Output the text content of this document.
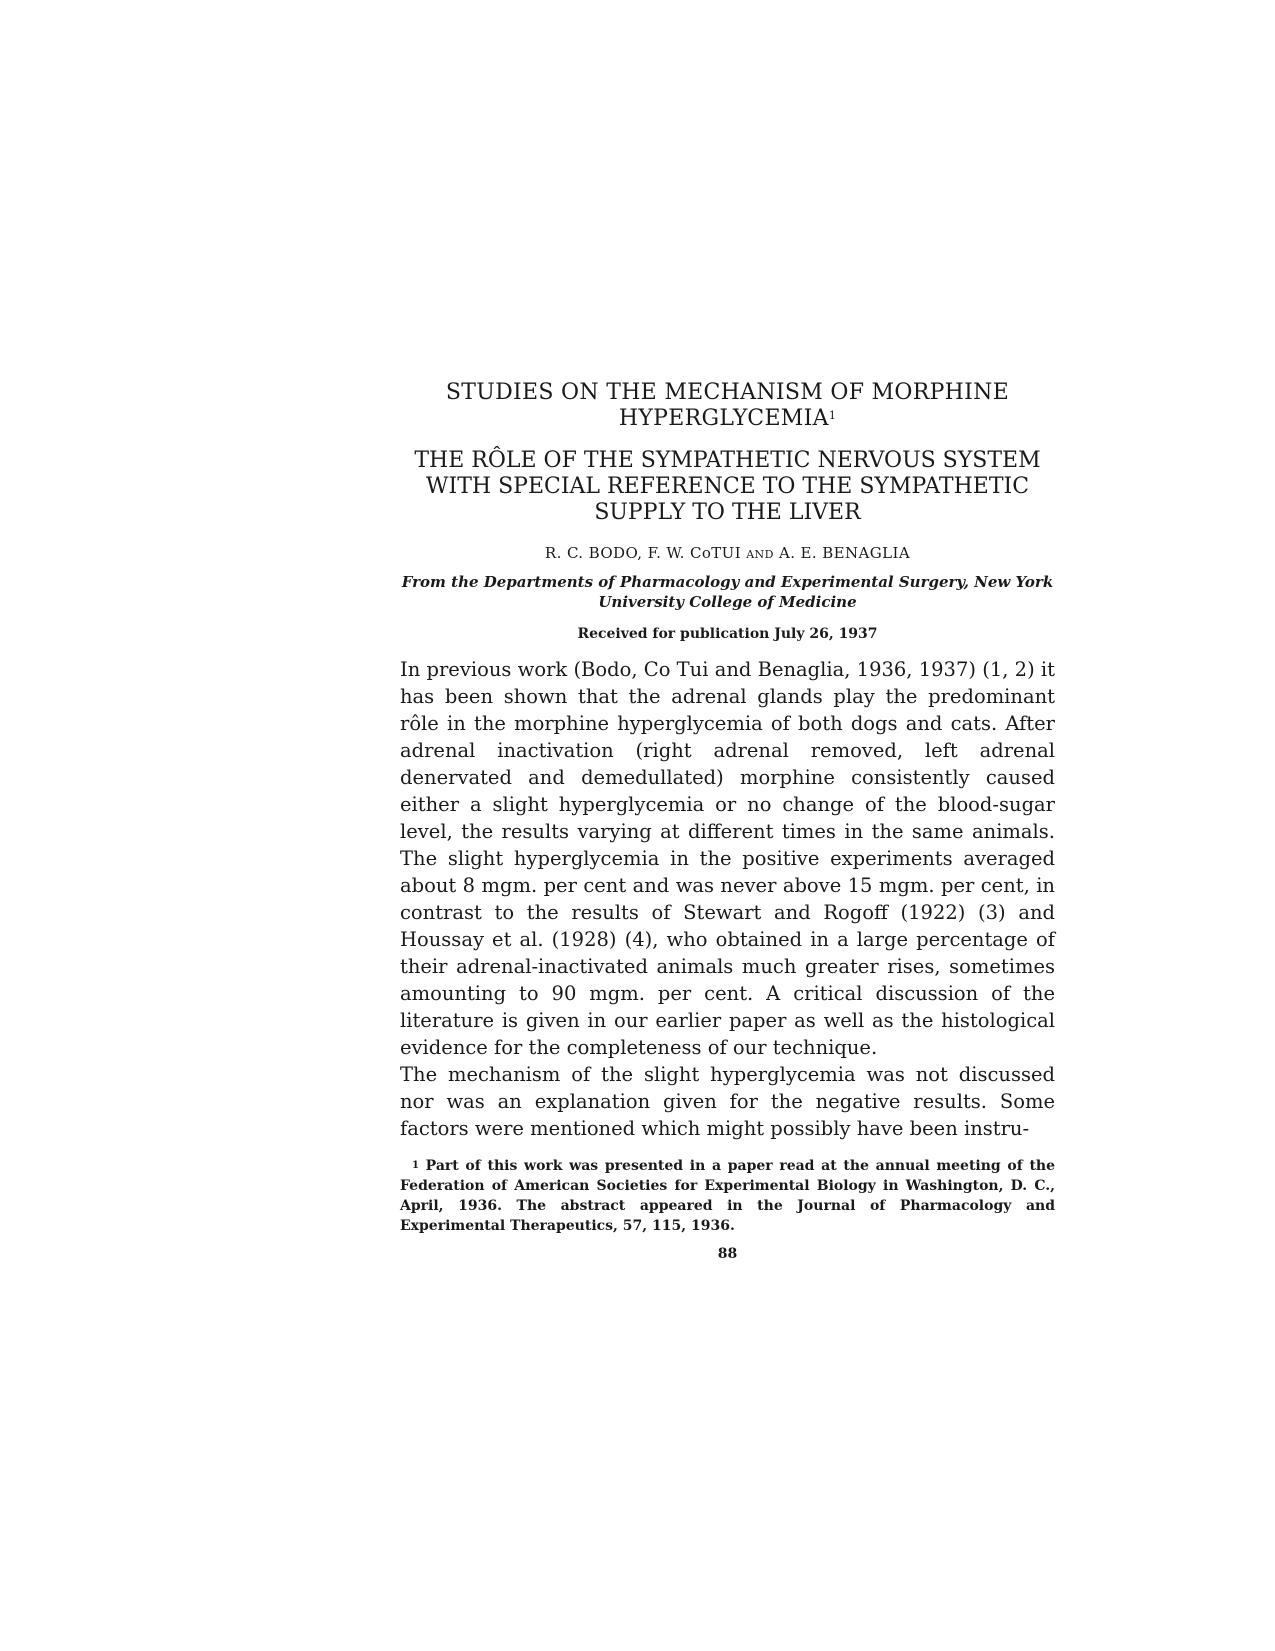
STUDIES ON THE MECHANISM OF MORPHINE HYPERGLYCEMIA$^1$
THE RÔLE OF THE SYMPATHETIC NERVOUS SYSTEM WITH SPECIAL REFERENCE TO THE SYMPATHETIC SUPPLY TO THE LIVER
R. C. BODO, F. W. CoTUI AND A. E. BENAGLIA
From the Departments of Pharmacology and Experimental Surgery, New York University College of Medicine
Received for publication July 26, 1937

In previous work (Bodo, Co Tui and Benaglia, 1936, 1937) (1, 2) it has been shown that the adrenal glands play the predominant rôle in the morphine hyperglycemia of both dogs and cats. After adrenal inactivation (right adrenal removed, left adrenal denervated and demedullated) morphine consistently caused either a slight hyperglycemia or no change of the blood-sugar level, the results varying at different times in the same animals. The slight hyperglycemia in the positive experiments averaged about 8 mgm. per cent and was never above 15 mgm. per cent, in contrast to the results of Stewart and Rogoff (1922) (3) and Houssay et al. (1928) (4), who obtained in a large percentage of their adrenal-inactivated animals much greater rises, sometimes amounting to 90 mgm. per cent. A critical discussion of the literature is given in our earlier paper as well as the histological evidence for the completeness of our technique.

The mechanism of the slight hyperglycemia was not discussed nor was an explanation given for the negative results. Some factors were mentioned which might possibly have been instru-

$^1$ Part of this work was presented in a paper read at the annual meeting of the Federation of American Societies for Experimental Biology in Washington, D. C., April, 1936. The abstract appeared in the Journal of Pharmacology and Experimental Therapeutics, 57, 115, 1936.
88
